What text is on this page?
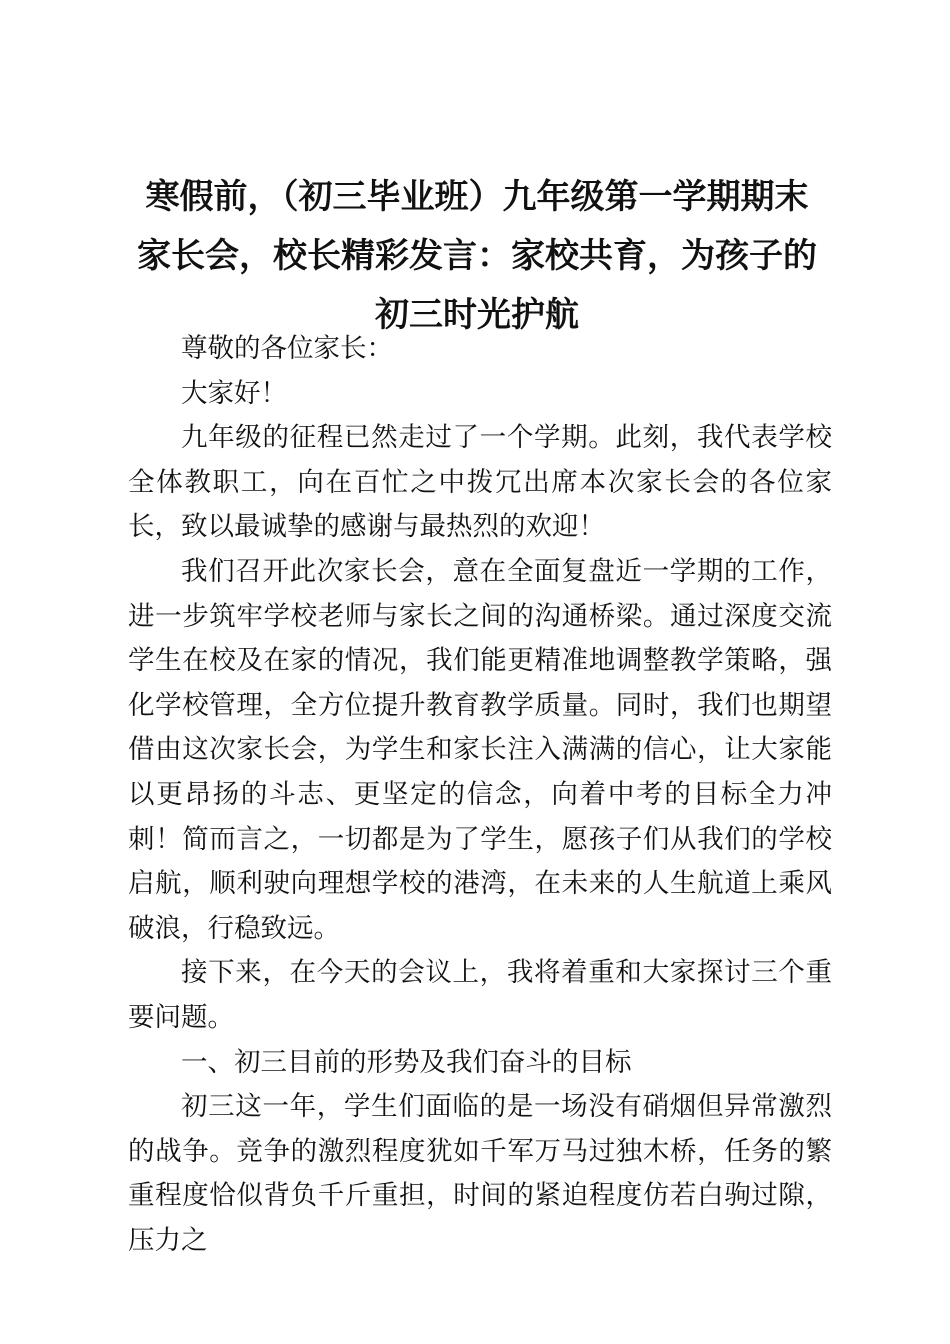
寒假前，（初三毕业班）九年级第一学期期末
家长会，校长精彩发言：家校共育，为孩子的
初三时光护航

尊敬的各位家长：

大家好！

九年级的征程已然走过了一个学期。此刻，我代表学校全体教职工，向在百忙之中拨冗出席本次家长会的各位家长，致以最诚挚的感谢与最热烈的欢迎！

我们召开此次家长会，意在全面复盘近一学期的工作，进一步筑牢学校老师与家长之间的沟通桥梁。通过深度交流学生在校及在家的情况，我们能更精准地调整教学策略，强化学校管理，全方位提升教育教学质量。同时，我们也期望借由这次家长会，为学生和家长注入满满的信心，让大家能以更昂扬的斗志、更坚定的信念，向着中考的目标全力冲刺！简而言之，一切都是为了学生，愿孩子们从我们的学校启航，顺利驶向理想学校的港湾，在未来的人生航道上乘风破浪，行稳致远。

接下来，在今天的会议上，我将着重和大家探讨三个重要问题。

一、初三目前的形势及我们奋斗的目标

初三这一年，学生们面临的是一场没有硝烟但异常激烈的战争。竞争的激烈程度犹如千军万马过独木桥，任务的繁重程度恰似背负千斤重担，时间的紧迫程度仿若白驹过隙，压力之
